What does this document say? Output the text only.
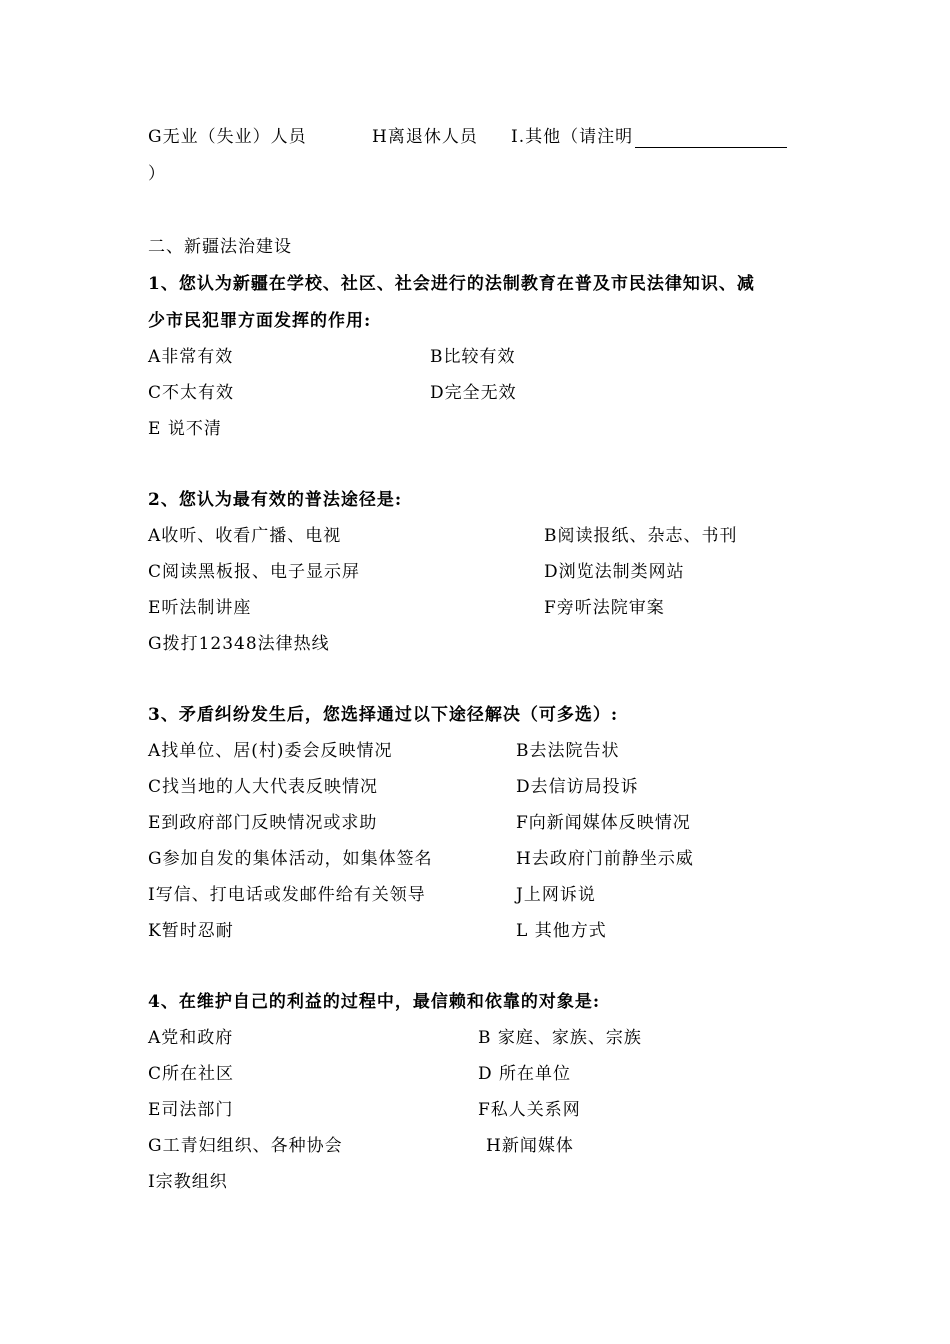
G无业（失业）人员	H离退休人员 I.其他（请注明
）
二、新疆法治建设
1、您认为新疆在学校、社区、社会进行的法制教育在普及市民法律知识、减
少市民犯罪方面发挥的作用:
A非常有效	B比较有效
C不太有效	D完全无效
E 说不清
2、您认为最有效的普法途径是:
A收听、收看广播、电视	B阅读报纸、杂志、书刊
C阅读黑板报、电子显示屏	D浏览法制类网站
E听法制讲座	F旁听法院审案
G拨打12348法律热线
3、矛盾纠纷发生后，您选择通过以下途径解决（可多选）:
A找单位、居(村)委会反映情况	B去法院告状
C找当地的人大代表反映情况	D去信访局投诉
E到政府部门反映情况或求助	F向新闻媒体反映情况
G参加自发的集体活动，如集体签名	H去政府门前静坐示威
I写信、打电话或发邮件给有关领导	J上网诉说
K暂时忍耐	L 其他方式
4、在维护自己的利益的过程中，最信赖和依靠的对象是:
A党和政府	B 家庭、家族、宗族
C所在社区	D 所在单位
E司法部门	F私人关系网
G工青妇组织、各种协会	H新闻媒体
I宗教组织
